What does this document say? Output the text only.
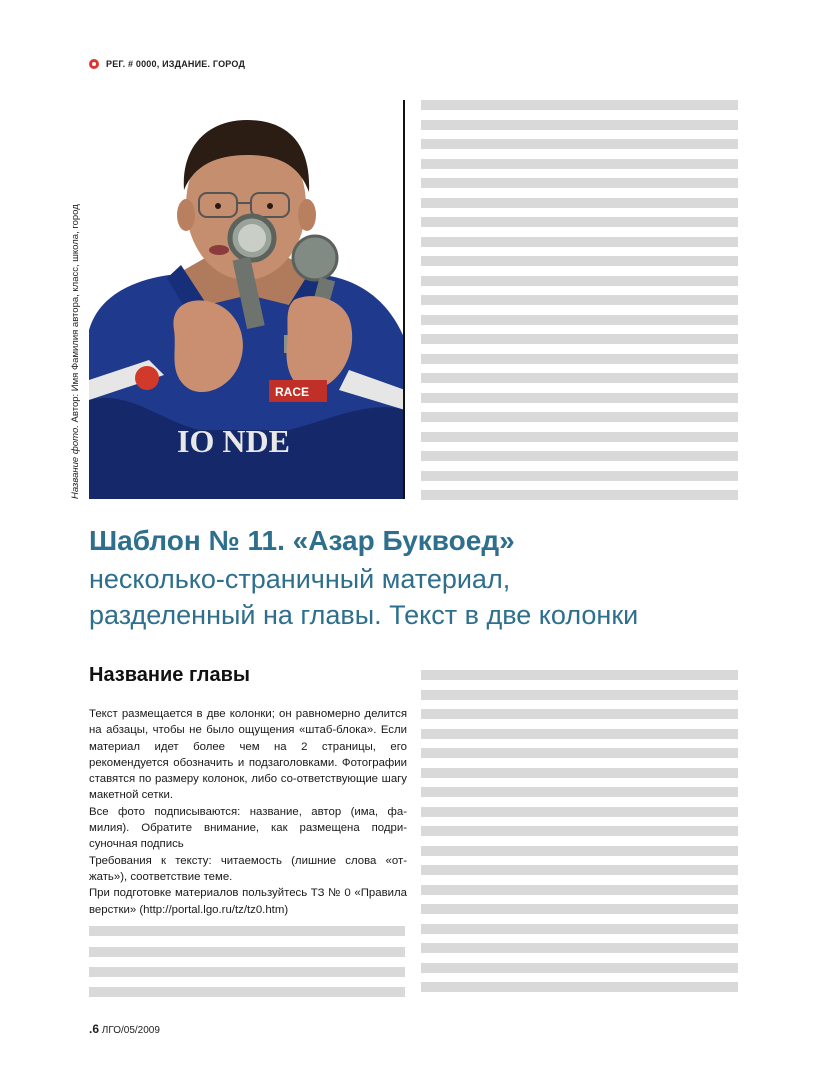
РЕГ. # 0000, ИЗДАНИЕ. ГОРОД
RACE
IO NDE
Название фото. Автор: Имя Фамилия автора, класс, школа, город
Шаблон № 11. «Азар Буквоед»
несколько-страничный материал,
разделенный на главы. Текст в две колонки
Название главы

Текст размещается в две колонки; он равномерно делится на абзацы, чтобы не было ощущения «штаб-блока». Если материал идет более чем на 2 страницы, его рекомендуется обозначить и подзаголовками. Фотографии ставятся по размеру колонок, либо со-ответствующие шагу макетной сетки.

Все фото подписываются: название, автор (има, фа-милия). Обратите внимание, как размещена подри-суночная подпись

Требования к тексту: читаемость (лишние слова «от-жать»), соответствие теме.

При подготовке материалов пользуйтесь ТЗ № 0 «Правила верстки» (http://portal.lgo.ru/tz/tz0.htm)

.6 ЛГО/05/2009
